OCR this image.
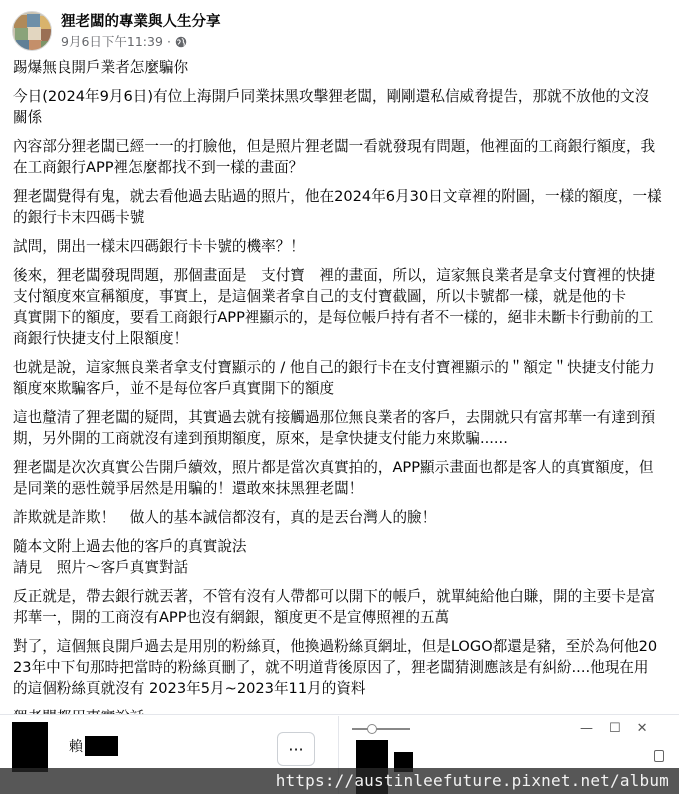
狸老闆的專業與人生分享
9月6日下午11:39 ·

踢爆無良開戶業者怎麼騙你

今日(2024年9月6日)有位上海開戶同業抹黑攻擊狸老闆，剛剛還私信威脅提告，那就不放他的文沒關係

內容部分狸老闆已經一一的打臉他，但是照片狸老闆一看就發現有問題，他裡面的工商銀行額度，我在工商銀行APP裡怎麼都找不到一樣的畫面？

狸老闆覺得有鬼，就去看他過去貼過的照片，他在2024年6月30日文章裡的附圖，一樣的額度，一樣的銀行卡末四碼卡號

試問，開出一樣末四碼銀行卡卡號的機率？！

後來，狸老闆發現問題，那個畫面是　支付寶　裡的畫面，所以，這家無良業者是拿支付寶裡的快捷支付額度來宣稱額度，事實上，是這個業者拿自己的支付寶截圖，所以卡號都一樣，就是他的卡

真實開下的額度，要看工商銀行APP裡顯示的，是每位帳戶持有者不一樣的，絕非未斷卡行動前的工商銀行快捷支付上限額度！

也就是說，這家無良業者拿支付寶顯示的 / 他自己的銀行卡在支付寶裡顯示的＂額定＂快捷支付能力額度來欺騙客戶，並不是每位客戶真實開下的額度

這也釐清了狸老闆的疑問，其實過去就有接觸過那位無良業者的客戶，去開就只有富邦華一有達到預期，另外開的工商就沒有達到預期額度，原來，是拿快捷支付能力來欺騙......

狸老闆是次次真實公告開戶續效，照片都是當次真實拍的，APP顯示畫面也都是客人的真實額度，但是同業的惡性競爭居然是用騙的！還敢來抹黑狸老闆！

詐欺就是詐欺！　做人的基本誠信都沒有，真的是丟台灣人的臉！

隨本文附上過去他的客戶的真實說法
請見　照片～客戶真實對話

反正就是，帶去銀行就丟著，不管有沒有人帶都可以開下的帳戶，就單純給他白賺，開的主要卡是富邦華一，開的工商沒有APP也沒有網銀，額度更不是宣傳照裡的五萬

對了，這個無良開戶過去是用別的粉絲頁，他換過粉絲頁網址，但是LOGO都還是豬，至於為何他2023年中下旬那時把當時的粉絲頁刪了，就不明道背後原因了，狸老闆猜測應該是有糾紛....他現在用的這個粉絲頁就沒有 2023年5月~2023年11月的資料

賴	···
— ☐ ✕
https://austinleefuture.pixnet.net/album
